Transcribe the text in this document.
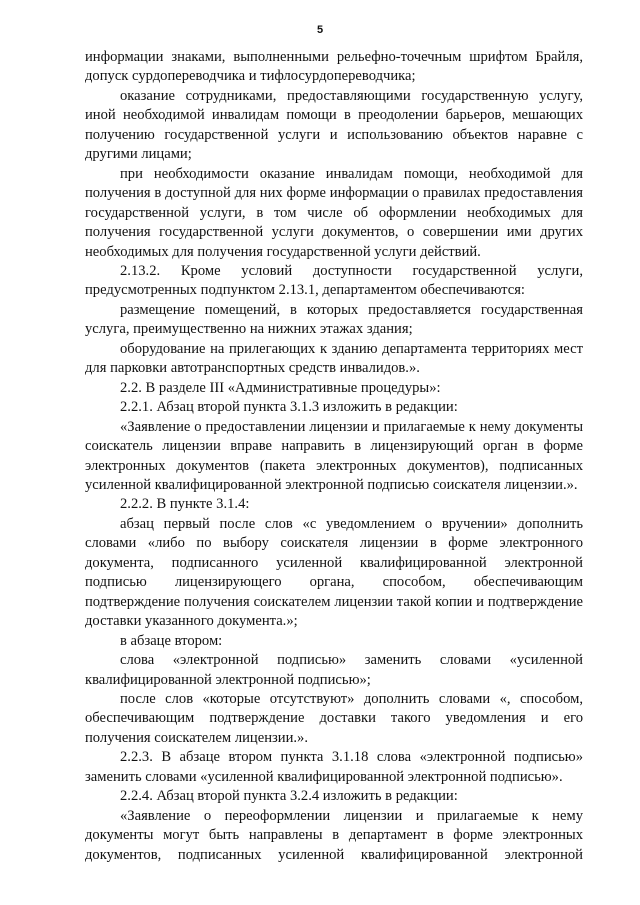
5

информации знаками, выполненными рельефно-точечным шрифтом Брайля, допуск сурдопереводчика и тифлосурдопереводчика;

оказание сотрудниками, предоставляющими государственную услугу, иной необходимой инвалидам помощи в преодолении барьеров, мешающих получению государственной услуги и использованию объектов наравне с другими лицами;

при необходимости оказание инвалидам помощи, необходимой для получения в доступной для них форме информации о правилах предоставления государственной услуги, в том числе об оформлении необходимых для получения государственной услуги документов, о совершении ими других необходимых для получения государственной услуги действий.

2.13.2. Кроме условий доступности государственной услуги, предусмотренных подпунктом 2.13.1, департаментом обеспечиваются:

размещение помещений, в которых предоставляется государственная услуга, преимущественно на нижних этажах здания;

оборудование на прилегающих к зданию департамента территориях мест для парковки автотранспортных средств инвалидов.».

2.2. В разделе III «Административные процедуры»:

2.2.1. Абзац второй пункта 3.1.3 изложить в редакции:

«Заявление о предоставлении лицензии и прилагаемые к нему документы соискатель лицензии вправе направить в лицензирующий орган в форме электронных документов (пакета электронных документов), подписанных усиленной квалифицированной электронной подписью соискателя лицензии.».

2.2.2. В пункте 3.1.4:

абзац первый после слов «с уведомлением о вручении» дополнить словами «либо по выбору соискателя лицензии в форме электронного документа, подписанного усиленной квалифицированной электронной подписью лицензирующего органа, способом, обеспечивающим подтверждение получения соискателем лицензии такой копии и подтверждение доставки указанного документа.»;

в абзаце втором:

слова «электронной подписью» заменить словами «усиленной квалифицированной электронной подписью»;

после слов «которые отсутствуют» дополнить словами «, способом, обеспечивающим подтверждение доставки такого уведомления и его получения соискателем лицензии.».

2.2.3. В абзаце втором пункта 3.1.18 слова «электронной подписью» заменить словами «усиленной квалифицированной электронной подписью».

2.2.4. Абзац второй пункта 3.2.4 изложить в редакции:

«Заявление о переоформлении лицензии и прилагаемые к нему документы могут быть направлены в департамент в форме электронных документов, подписанных усиленной квалифицированной электронной
